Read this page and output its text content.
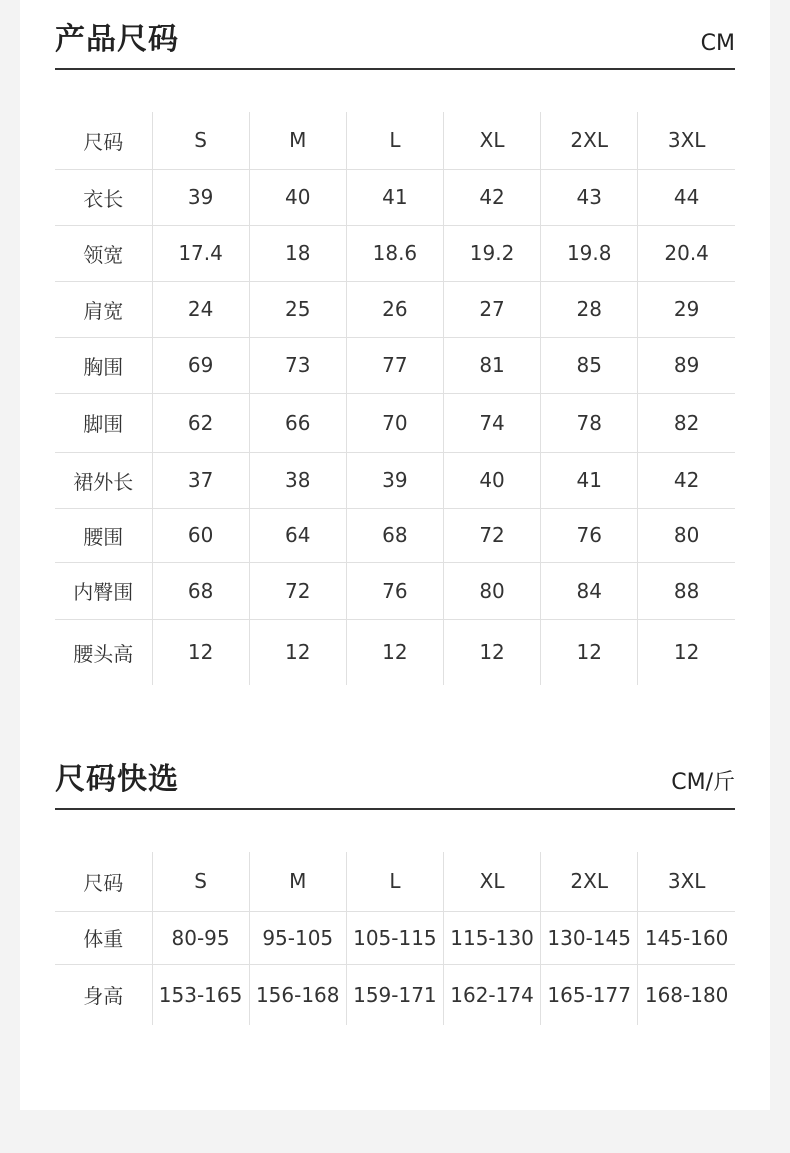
产品尺码	CM
尺码	S	M	L	XL	2XL	3XL
衣长	39	40	41	42	43	44
领宽	17.4	18	18.6	19.2	19.8	20.4
肩宽	24	25	26	27	28	29
胸围	69	73	77	81	85	89
脚围	62	66	70	74	78	82
裙外长	37	38	39	40	41	42
腰围	60	64	68	72	76	80
内臀围	68	72	76	80	84	88
腰头高	12	12	12	12	12	12
尺码快选	CM/斤
尺码	S	M	L	XL	2XL	3XL
体重	80-95	95-105	105-115	115-130	130-145	145-160
身高	153-165	156-168	159-171	162-174	165-177	168-180
